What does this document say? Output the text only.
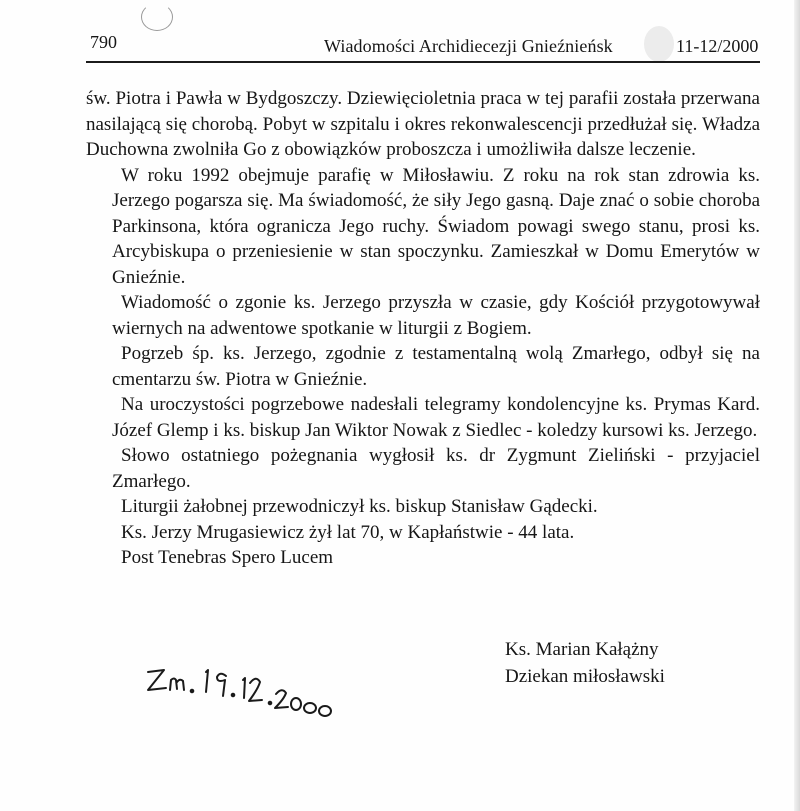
790	Wiadomości Archidiecezji Gnieźnieńsk	11-12/2000

św. Piotra i Pawła w Bydgoszczy. Dziewięcioletnia praca w tej parafii została przerwana nasilającą się chorobą. Pobyt w szpitalu i okres rekonwalescencji przedłużał się. Władza Duchowna zwolniła Go z obowiązków proboszcza i umożliwiła dalsze leczenie.

W roku 1992 obejmuje parafię w Miłosławiu. Z roku na rok stan zdrowia ks. Jerzego pogarsza się. Ma świadomość, że siły Jego gasną. Daje znać o sobie choroba Parkinsona, która ogranicza Jego ruchy. Świadom powagi swego stanu, prosi ks. Arcybiskupa o przeniesienie w stan spoczynku. Zamieszkał w Domu Emerytów w Gnieźnie.

Wiadomość o zgonie ks. Jerzego przyszła w czasie, gdy Kościół przygotowywał wiernych na adwentowe spotkanie w liturgii z Bogiem.

Pogrzeb śp. ks. Jerzego, zgodnie z testamentalną wolą Zmarłego, odbył się na cmentarzu św. Piotra w Gnieźnie.

Na uroczystości pogrzebowe nadesłali telegramy kondolencyjne ks. Prymas Kard. Józef Glemp i ks. biskup Jan Wiktor Nowak z Siedlec - koledzy kursowi ks. Jerzego.

Słowo ostatniego pożegnania wygłosił ks. dr Zygmunt Zieliński - przyjaciel Zmarłego.

Liturgii żałobnej przewodniczył ks. biskup Stanisław Gądecki.

Ks. Jerzy Mrugasiewicz żył lat 70, w Kapłaństwie - 44 lata.

Post Tenebras Spero Lucem

Ks. Marian Kałążny
Dziekan miłosławski
